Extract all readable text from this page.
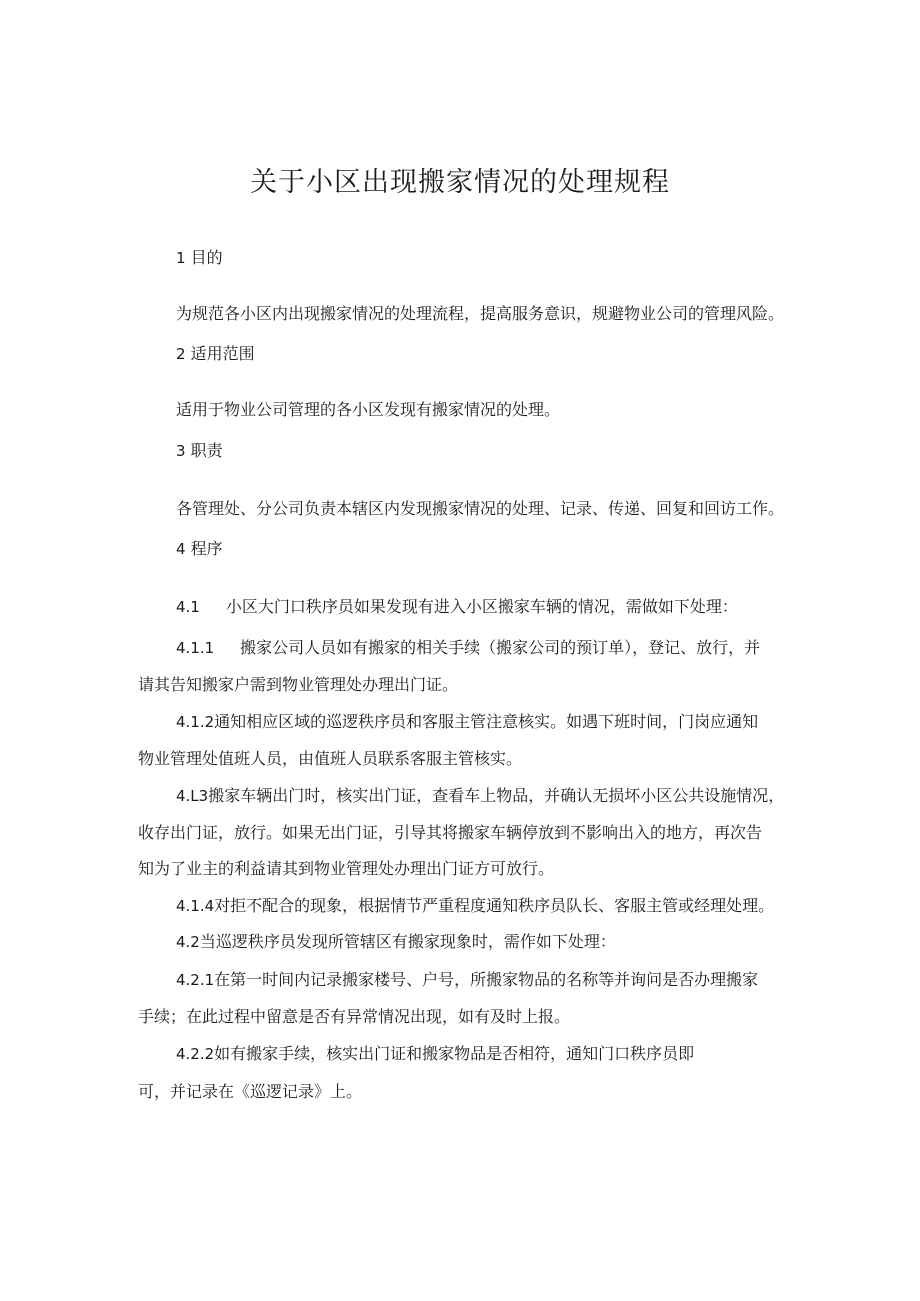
关于小区出现搬家情况的处理规程

1 目的

为规范各小区内出现搬家情况的处理流程，提高服务意识，规避物业公司的管理风险。

2 适用范围

适用于物业公司管理的各小区发现有搬家情况的处理。

3 职责

各管理处、分公司负责本辖区内发现搬家情况的处理、记录、传递、回复和回访工作。

4 程序

4.1 小区大门口秩序员如果发现有进入小区搬家车辆的情况，需做如下处理：

4.1.1 搬家公司人员如有搬家的相关手续（搬家公司的预订单），登记、放行，并

请其告知搬家户需到物业管理处办理出门证。

4.1.2通知相应区域的巡逻秩序员和客服主管注意核实。如遇下班时间，门岗应通知

物业管理处值班人员，由值班人员联系客服主管核实。

4.L3搬家车辆出门时，核实出门证，查看车上物品，并确认无损坏小区公共设施情况，

收存出门证，放行。如果无出门证，引导其将搬家车辆停放到不影响出入的地方，再次告

知为了业主的利益请其到物业管理处办理出门证方可放行。

4.1.4对拒不配合的现象，根据情节严重程度通知秩序员队长、客服主管或经理处理。

4.2当巡逻秩序员发现所管辖区有搬家现象时，需作如下处理：

4.2.1在第一时间内记录搬家楼号、户号，所搬家物品的名称等并询问是否办理搬家

手续；在此过程中留意是否有异常情况出现，如有及时上报。

4.2.2如有搬家手续，核实出门证和搬家物品是否相符，通知门口秩序员即

可，并记录在《巡逻记录》上。
